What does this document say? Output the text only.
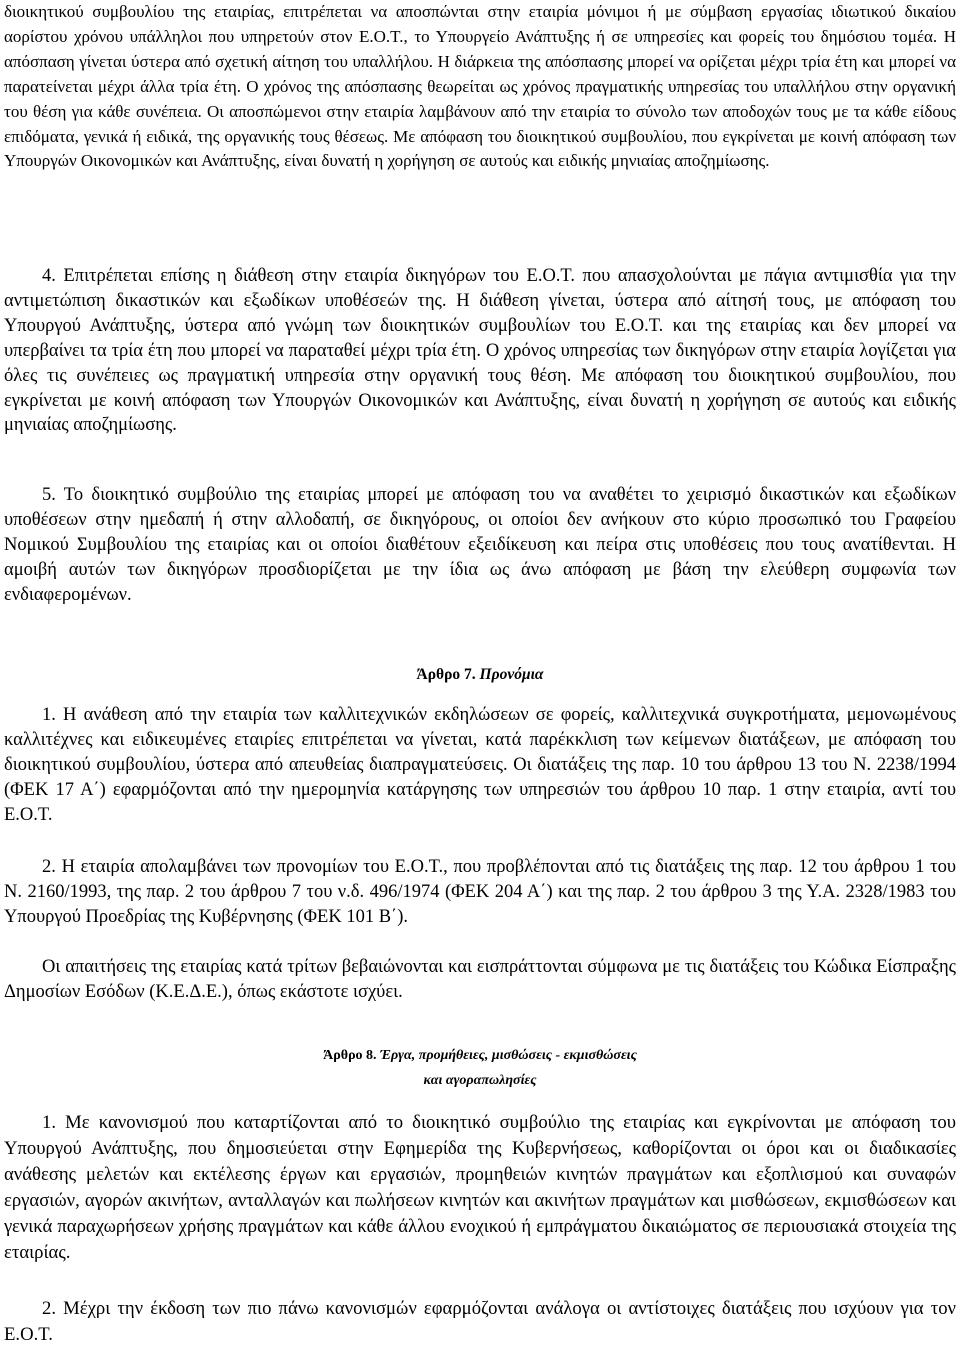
διοικητικού συμβουλίου της εταιρίας, επιτρέπεται να αποσπώνται στην εταιρία μόνιμοι ή με σύμβαση εργασίας ιδιωτικού δικαίου αορίστου χρόνου υπάλληλοι που υπηρετούν στον Ε.Ο.Τ., το Υπουργείο Ανάπτυξης ή σε υπηρεσίες και φορείς του δημόσιου τομέα. Η απόσπαση γίνεται ύστερα από σχετική αίτηση του υπαλλήλου. Η διάρκεια της απόσπασης μπορεί να ορίζεται μέχρι τρία έτη και μπορεί να παρατείνεται μέχρι άλλα τρία έτη. Ο χρόνος της απόσπασης θεωρείται ως χρόνος πραγματικής υπηρεσίας του υπαλλήλου στην οργανική του θέση για κάθε συνέπεια. Οι αποσπώμενοι στην εταιρία λαμβάνουν από την εταιρία το σύνολο των αποδοχών τους με τα κάθε είδους επιδόματα, γενικά ή ειδικά, της οργανικής τους θέσεως. Με απόφαση του διοικητικού συμβουλίου, που εγκρίνεται με κοινή απόφαση των Υπουργών Οικονομικών και Ανάπτυξης, είναι δυνατή η χορήγηση σε αυτούς και ειδικής μηνιαίας αποζημίωσης.

4. Επιτρέπεται επίσης η διάθεση στην εταιρία δικηγόρων του Ε.Ο.Τ. που απασχολούνται με πάγια αντιμισθία για την αντιμετώπιση δικαστικών και εξωδίκων υποθέσεών της. Η διάθεση γίνεται, ύστερα από αίτησή τους, με απόφαση του Υπουργού Ανάπτυξης, ύστερα από γνώμη των διοικητικών συμβουλίων του Ε.Ο.Τ. και της εταιρίας και δεν μπορεί να υπερβαίνει τα τρία έτη που μπορεί να παραταθεί μέχρι τρία έτη. Ο χρόνος υπηρεσίας των δικηγόρων στην εταιρία λογίζεται για όλες τις συνέπειες ως πραγματική υπηρεσία στην οργανική τους θέση. Με απόφαση του διοικητικού συμβουλίου, που εγκρίνεται με κοινή απόφαση των Υπουργών Οικονομικών και Ανάπτυξης, είναι δυνατή η χορήγηση σε αυτούς και ειδικής μηνιαίας αποζημίωσης.

5. Το διοικητικό συμβούλιο της εταιρίας μπορεί με απόφαση του να αναθέτει το χειρισμό δικαστικών και εξωδίκων υποθέσεων στην ημεδαπή ή στην αλλοδαπή, σε δικηγόρους, οι οποίοι δεν ανήκουν στο κύριο προσωπικό του Γραφείου Νομικού Συμβουλίου της εταιρίας και οι οποίοι διαθέτουν εξειδίκευση και πείρα στις υποθέσεις που τους ανατίθενται. Η αμοιβή αυτών των δικηγόρων προσδιορίζεται με την ίδια ως άνω απόφαση με βάση την ελεύθερη συμφωνία των ενδιαφερομένων.

Άρθρο 7. Προνόμια

1. Η ανάθεση από την εταιρία των καλλιτεχνικών εκδηλώσεων σε φορείς, καλλιτεχνικά συγκροτήματα, μεμονωμένους καλλιτέχνες και ειδικευμένες εταιρίες επιτρέπεται να γίνεται, κατά παρέκκλιση των κείμενων διατάξεων, με απόφαση του διοικητικού συμβουλίου, ύστερα από απευθείας διαπραγματεύσεις. Οι διατάξεις της παρ. 10 του άρθρου 13 του Ν. 2238/1994 (ΦΕΚ 17 Α΄) εφαρμόζονται από την ημερομηνία κατάργησης των υπηρεσιών του άρθρου 10 παρ. 1 στην εταιρία, αντί του Ε.Ο.Τ.

2. Η εταιρία απολαμβάνει των προνομίων του Ε.Ο.Τ., που προβλέπονται από τις διατάξεις της παρ. 12 του άρθρου 1 του Ν. 2160/1993, της παρ. 2 του άρθρου 7 του ν.δ. 496/1974 (ΦΕΚ 204 Α΄) και της παρ. 2 του άρθρου 3 της Υ.Α. 2328/1983 του Υπουργού Προεδρίας της Κυβέρνησης (ΦΕΚ 101 Β΄).

Οι απαιτήσεις της εταιρίας κατά τρίτων βεβαιώνονται και εισπράττονται σύμφωνα με τις διατάξεις του Κώδικα Είσπραξης Δημοσίων Εσόδων (Κ.Ε.Δ.Ε.), όπως εκάστοτε ισχύει.

Άρθρο 8. Έργα, προμήθειες, μισθώσεις - εκμισθώσεις
και αγοραπωλησίες

1. Με κανονισμού που καταρτίζονται από το διοικητικό συμβούλιο της εταιρίας και εγκρίνονται με απόφαση του Υπουργού Ανάπτυξης, που δημοσιεύεται στην Εφημερίδα της Κυβερνήσεως, καθορίζονται οι όροι και οι διαδικασίες ανάθεσης μελετών και εκτέλεσης έργων και εργασιών, προμηθειών κινητών πραγμάτων και εξοπλισμού και συναφών εργασιών, αγορών ακινήτων, ανταλλαγών και πωλήσεων κινητών και ακινήτων πραγμάτων και μισθώσεων, εκμισθώσεων και γενικά παραχωρήσεων χρήσης πραγμάτων και κάθε άλλου ενοχικού ή εμπράγματου δικαιώματος σε περιουσιακά στοιχεία της εταιρίας.

2. Μέχρι την έκδοση των πιο πάνω κανονισμών εφαρμόζονται ανάλογα οι αντίστοιχες διατάξεις που ισχύουν για τον Ε.Ο.Τ.
